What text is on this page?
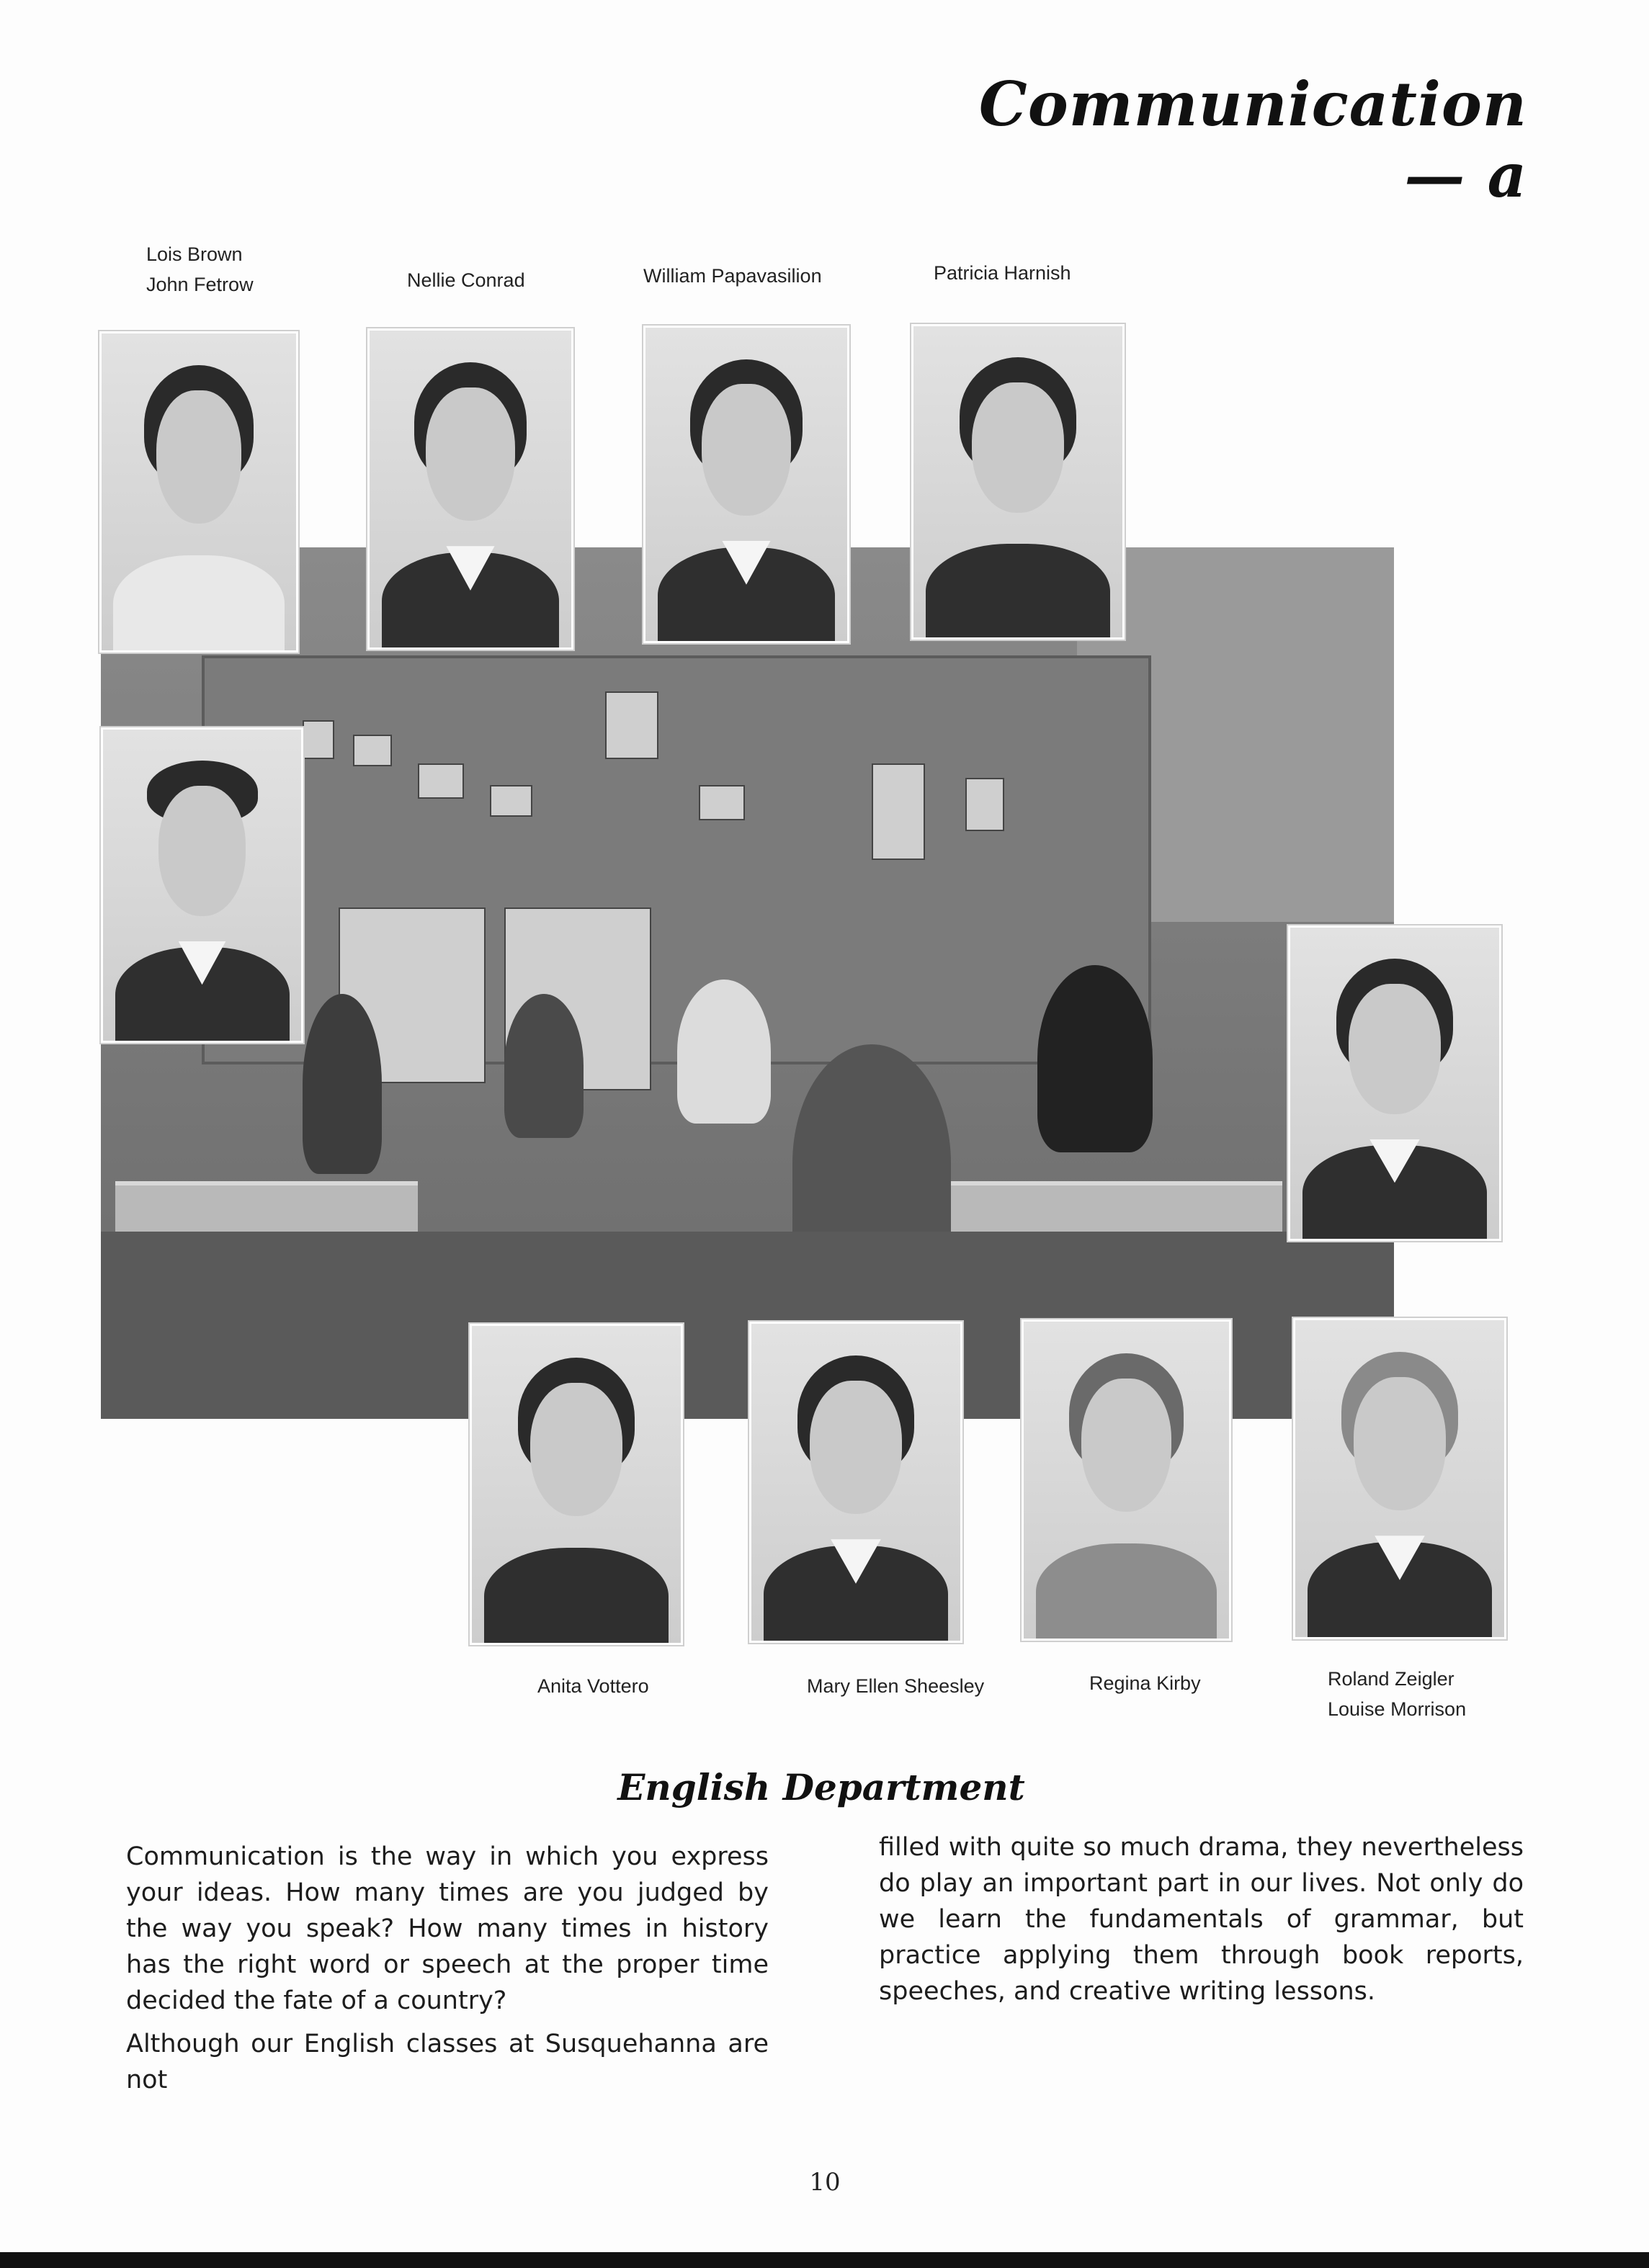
Communication — a
Lois Brown
John Fetrow	Nellie Conrad	William Papavasilion	Patricia Harnish
Anita Vottero	Mary Ellen Sheesley	Regina Kirby	Roland Zeigler
Louise Morrison
English Department

Communication is the way in which you express your ideas. How many times are you judged by the way you speak? How many times in history has the right word or speech at the proper time decided the fate of a country?

Although our English classes at Susquehanna are not

filled with quite so much drama, they nevertheless do play an important part in our lives. Not only do we learn the fundamentals of grammar, but practice applying them through book reports, speeches, and creative writing lessons.

10
